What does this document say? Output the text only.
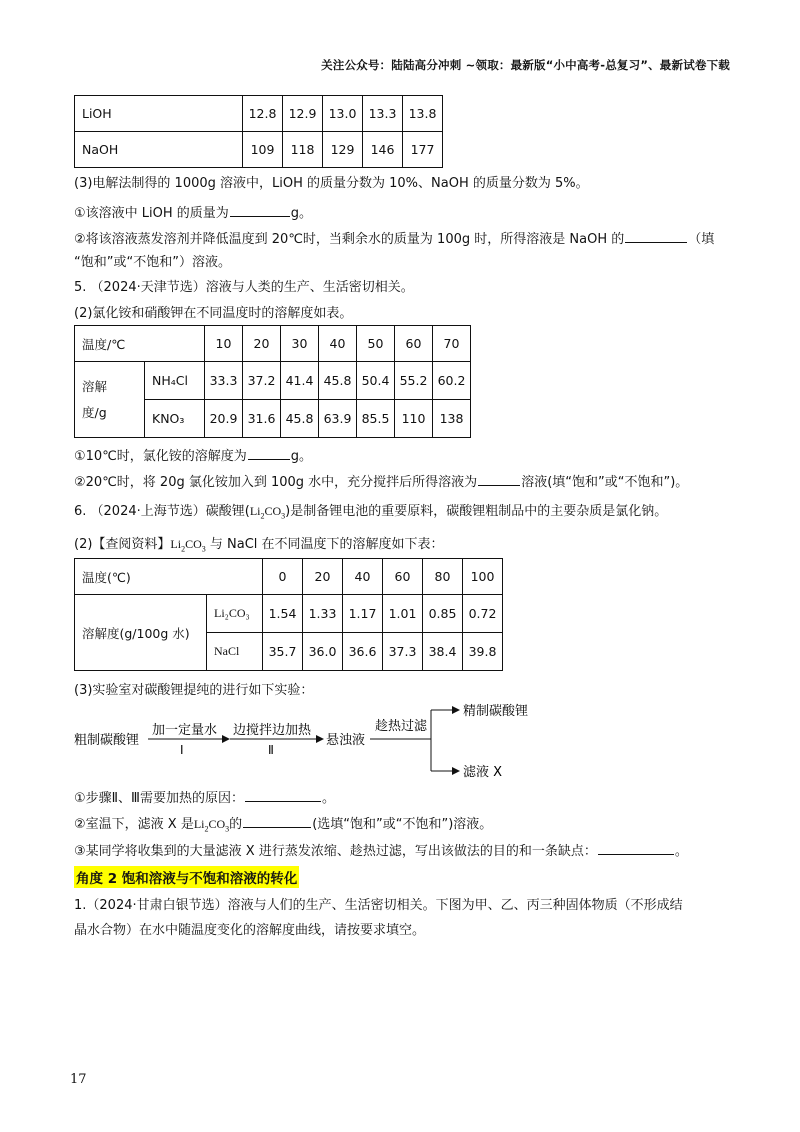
关注公众号：陆陆高分冲刺 ~领取：最新版“小中高考-总复习”、最新试卷下载
LiOH	12.8	12.9	13.0	13.3	13.8
NaOH	109	118	129	146	177
(3)电解法制得的 1000g 溶液中，LiOH 的质量分数为 10%、NaOH 的质量分数为 5%。
①该溶液中 LiOH 的质量为	g。
②将该溶液蒸发溶剂并降低温度到 20℃时，当剩余水的质量为 100g 时，所得溶液是 NaOH 的	（填
“饱和”或“不饱和”）溶液。
5. （2024·天津节选）溶液与人类的生产、生活密切相关。
(2)氯化铵和硝酸钾在不同温度时的溶解度如表。
温度/℃		10	20	30	40	50	60	70

溶解
度/g	NH₄Cl	33.3	37.2	41.4	45.8	50.4	55.2	60.2
	KNO₃	20.9	31.6	45.8	63.9	85.5	110	138
①10℃时，氯化铵的溶解度为	g。
②20℃时，将 20g 氯化铵加入到 100g 水中，充分搅拌后所得溶液为	溶液(填“饱和”或“不饱和”)。
6. （2024·上海节选）碳酸锂$(Li_2CO_3)$是制备锂电池的重要原料，碳酸锂粗制品中的主要杂质是氯化钠。
(2)【查阅资料】$Li_2CO_3$ 与 NaCl 在不同温度下的溶解度如下表：
温度(℃)		0	20	40	60	80	100
溶解度(g/100g 水)	Li₂CO₃	1.54	1.33	1.17	1.01	0.85	0.72
	NaCl	35.7	36.0	36.6	37.3	38.4	39.8
(3)实验室对碳酸锂提纯的进行如下实验：
粗制碳酸锂
加一定量水
Ⅰ
边搅拌边加热
Ⅱ
悬浊液
趁热过滤
精制碳酸锂
滤液 X
①步骤Ⅱ、Ⅲ需要加热的原因：	。
②室温下，滤液 X 是$Li_2CO_3$的	(选填“饱和”或“不饱和”)溶液。
③某同学将收集到的大量滤液 X 进行蒸发浓缩、趁热过滤，写出该做法的目的和一条缺点：	。
角度 2 饱和溶液与不饱和溶液的转化
1.（2024·甘肃白银节选）溶液与人们的生产、生活密切相关。下图为甲、乙、丙三种固体物质（不形成结
晶水合物）在水中随温度变化的溶解度曲线，请按要求填空。
17
